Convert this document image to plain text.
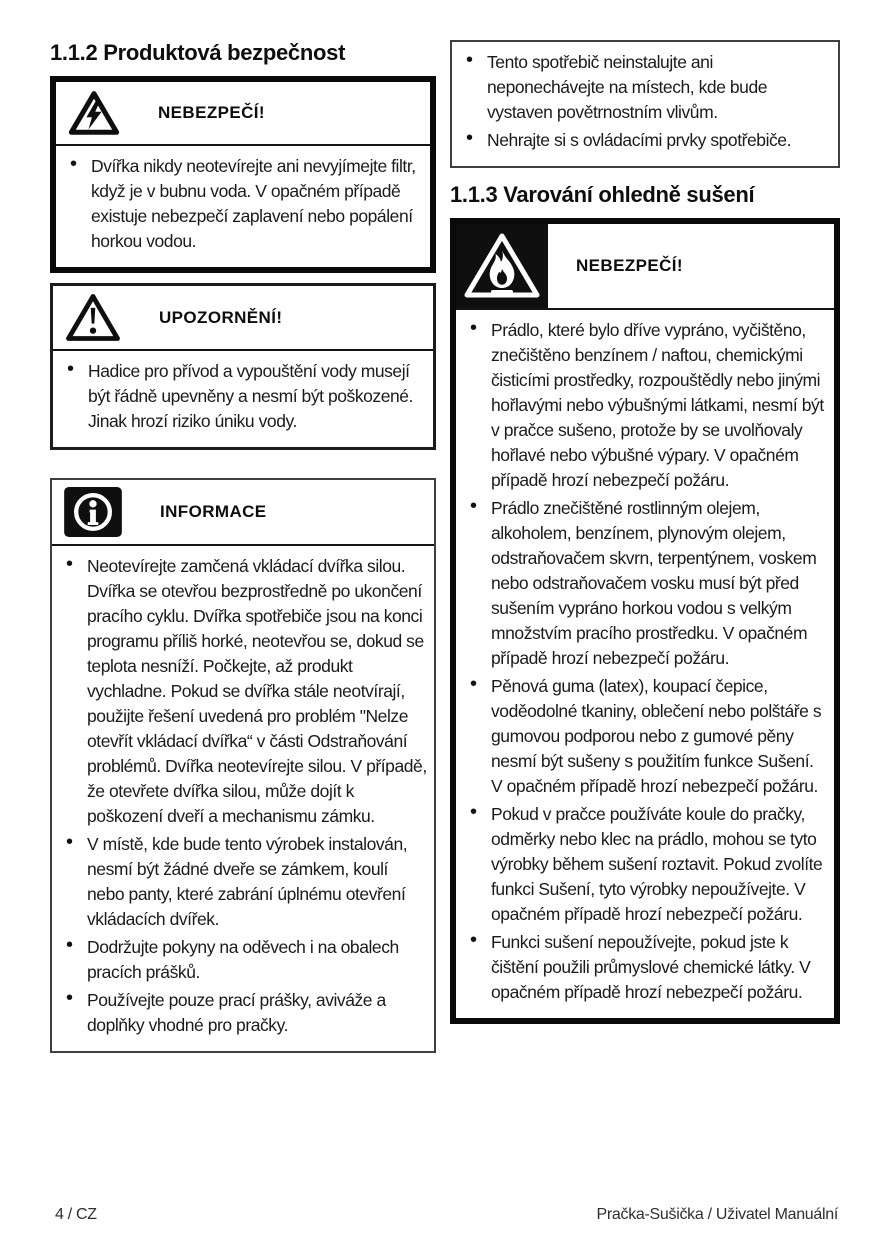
1.1.2 Produktová bezpečnost
NEBEZPEČÍ!
• Dvířka nikdy neotevírejte ani nevyjímejte filtr, když je v bubnu voda. V opačném případě existuje nebezpečí zaplavení nebo popálení horkou vodou.
UPOZORNĚNÍ!
• Hadice pro přívod a vypouštění vody musejí být řádně upevněny a nesmí být poškozené. Jinak hrozí riziko úniku vody.
INFORMACE
• Neotevírejte zamčená vkládací dvířka silou. Dvířka se otevřou bezprostředně po ukončení pracího cyklu. Dvířka spotřebiče jsou na konci programu příliš horké, neotevřou se, dokud se teplota nesníží. Počkejte, až produkt vychladne. Pokud se dvířka stále neotvírají, použijte řešení uvedená pro problém "Nelze otevřít vkládací dvířka“ v části Odstraňování problémů. Dvířka neotevírejte silou. V případě, že otevřete dvířka silou, může dojít k poškození dveří a mechanismu zámku.
• V místě, kde bude tento výrobek instalován, nesmí být žádné dveře se zámkem, koulí nebo panty, které zabrání úplnému otevření vkládacích dvířek.
• Dodržujte pokyny na oděvech i na obalech pracích prášků.
• Používejte pouze prací prášky, aviváže a doplňky vhodné pro pračky.
• Tento spotřebič neinstalujte ani neponechávejte na místech, kde bude vystaven povětrnostním vlivům.
• Nehrajte si s ovládacími prvky spotřebiče.
1.1.3 Varování ohledně sušení
NEBEZPEČÍ!
• Prádlo, které bylo dříve vypráno, vyčištěno, znečištěno benzínem / naftou, chemickými čisticími prostředky, rozpouštědly nebo jinými hořlavými nebo výbušnými látkami, nesmí být v pračce sušeno, protože by se uvolňovaly hořlavé nebo výbušné výpary. V opačném případě hrozí nebezpečí požáru.
• Prádlo znečištěné rostlinným olejem, alkoholem, benzínem, plynovým olejem, odstraňovačem skvrn, terpentýnem, voskem nebo odstraňovačem vosku musí být před sušením vypráno horkou vodou s velkým množstvím pracího prostředku. V opačném případě hrozí nebezpečí požáru.
• Pěnová guma (latex), koupací čepice, voděodolné tkaniny, oblečení nebo polštáře s gumovou podporou nebo z gumové pěny nesmí být sušeny s použitím funkce Sušení. V opačném případě hrozí nebezpečí požáru.
• Pokud v pračce používáte koule do pračky, odměrky nebo klec na prádlo, mohou se tyto výrobky během sušení roztavit. Pokud zvolíte funkci Sušení, tyto výrobky nepoužívejte. V opačném případě hrozí nebezpečí požáru.
• Funkci sušení nepoužívejte, pokud jste k čištění použili průmyslové chemické látky. V opačném případě hrozí nebezpečí požáru.
4 / CZ	Pračka-Sušička / Uživatel Manuální
